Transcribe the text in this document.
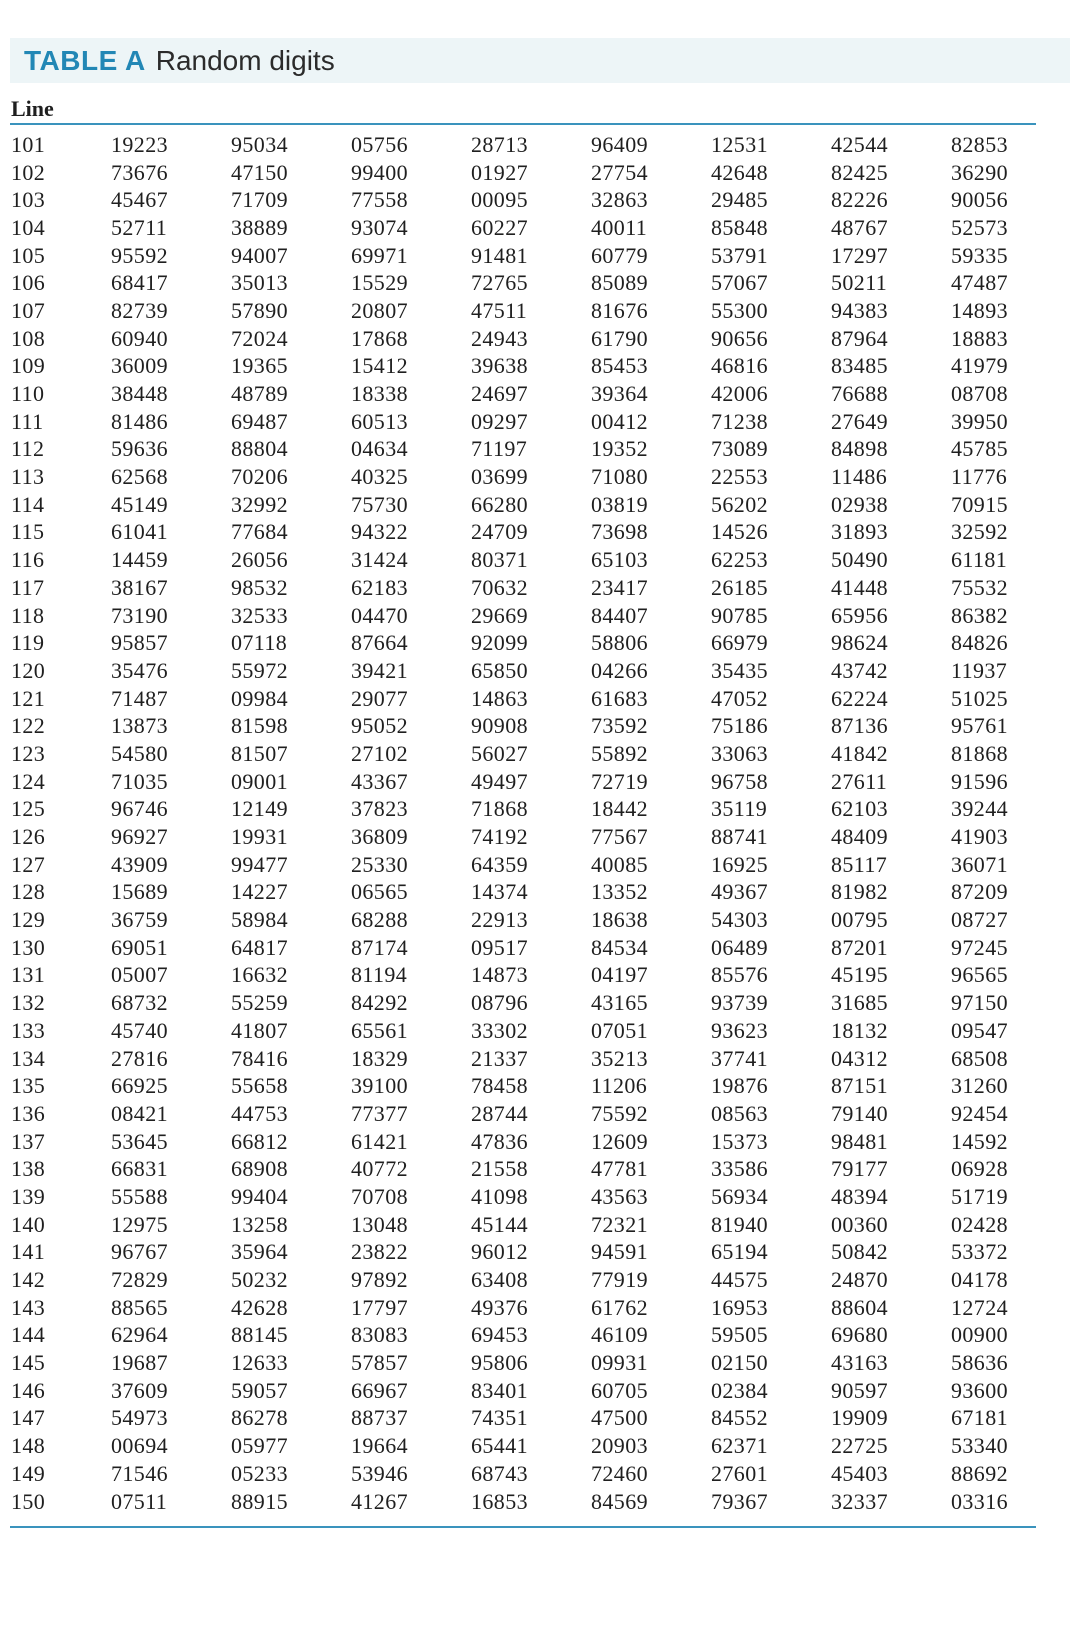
TABLE A Random digits
Line
101	19223	95034	05756	28713	96409	12531	42544	82853
102	73676	47150	99400	01927	27754	42648	82425	36290
103	45467	71709	77558	00095	32863	29485	82226	90056
104	52711	38889	93074	60227	40011	85848	48767	52573
105	95592	94007	69971	91481	60779	53791	17297	59335
106	68417	35013	15529	72765	85089	57067	50211	47487
107	82739	57890	20807	47511	81676	55300	94383	14893
108	60940	72024	17868	24943	61790	90656	87964	18883
109	36009	19365	15412	39638	85453	46816	83485	41979
110	38448	48789	18338	24697	39364	42006	76688	08708
111	81486	69487	60513	09297	00412	71238	27649	39950
112	59636	88804	04634	71197	19352	73089	84898	45785
113	62568	70206	40325	03699	71080	22553	11486	11776
114	45149	32992	75730	66280	03819	56202	02938	70915
115	61041	77684	94322	24709	73698	14526	31893	32592
116	14459	26056	31424	80371	65103	62253	50490	61181
117	38167	98532	62183	70632	23417	26185	41448	75532
118	73190	32533	04470	29669	84407	90785	65956	86382
119	95857	07118	87664	92099	58806	66979	98624	84826
120	35476	55972	39421	65850	04266	35435	43742	11937
121	71487	09984	29077	14863	61683	47052	62224	51025
122	13873	81598	95052	90908	73592	75186	87136	95761
123	54580	81507	27102	56027	55892	33063	41842	81868
124	71035	09001	43367	49497	72719	96758	27611	91596
125	96746	12149	37823	71868	18442	35119	62103	39244
126	96927	19931	36809	74192	77567	88741	48409	41903
127	43909	99477	25330	64359	40085	16925	85117	36071
128	15689	14227	06565	14374	13352	49367	81982	87209
129	36759	58984	68288	22913	18638	54303	00795	08727
130	69051	64817	87174	09517	84534	06489	87201	97245
131	05007	16632	81194	14873	04197	85576	45195	96565
132	68732	55259	84292	08796	43165	93739	31685	97150
133	45740	41807	65561	33302	07051	93623	18132	09547
134	27816	78416	18329	21337	35213	37741	04312	68508
135	66925	55658	39100	78458	11206	19876	87151	31260
136	08421	44753	77377	28744	75592	08563	79140	92454
137	53645	66812	61421	47836	12609	15373	98481	14592
138	66831	68908	40772	21558	47781	33586	79177	06928
139	55588	99404	70708	41098	43563	56934	48394	51719
140	12975	13258	13048	45144	72321	81940	00360	02428
141	96767	35964	23822	96012	94591	65194	50842	53372
142	72829	50232	97892	63408	77919	44575	24870	04178
143	88565	42628	17797	49376	61762	16953	88604	12724
144	62964	88145	83083	69453	46109	59505	69680	00900
145	19687	12633	57857	95806	09931	02150	43163	58636
146	37609	59057	66967	83401	60705	02384	90597	93600
147	54973	86278	88737	74351	47500	84552	19909	67181
148	00694	05977	19664	65441	20903	62371	22725	53340
149	71546	05233	53946	68743	72460	27601	45403	88692
150	07511	88915	41267	16853	84569	79367	32337	03316
